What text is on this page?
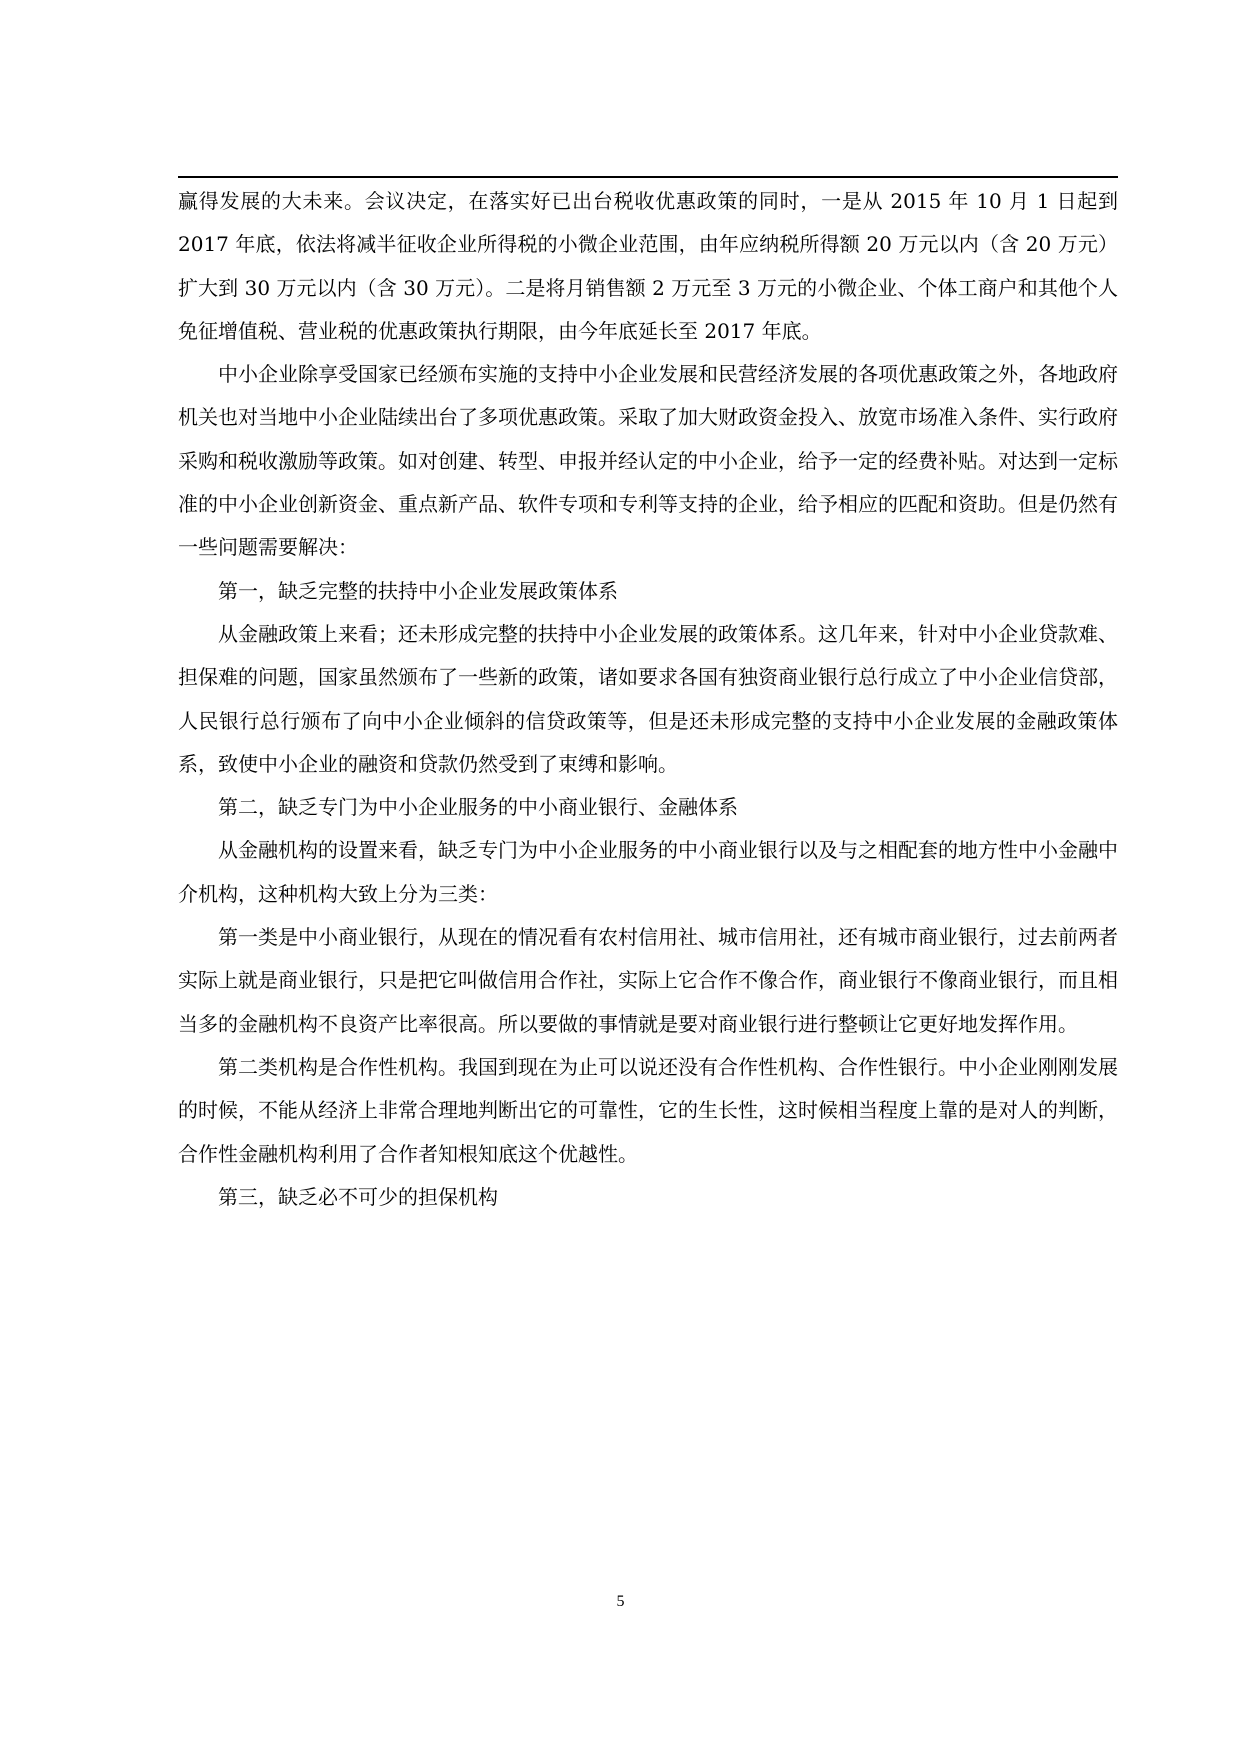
赢得发展的大未来。会议决定，在落实好已出台税收优惠政策的同时，一是从 2015 年 10 月 1 日起到 2017 年底，依法将减半征收企业所得税的小微企业范围，由年应纳税所得额 20 万元以内（含 20 万元）扩大到 30 万元以内（含 30 万元）。二是将月销售额 2 万元至 3 万元的小微企业、个体工商户和其他个人免征增值税、营业税的优惠政策执行期限，由今年底延长至 2017 年底。

中小企业除享受国家已经颁布实施的支持中小企业发展和民营经济发展的各项优惠政策之外，各地政府机关也对当地中小企业陆续出台了多项优惠政策。采取了加大财政资金投入、放宽市场准入条件、实行政府采购和税收激励等政策。如对创建、转型、申报并经认定的中小企业，给予一定的经费补贴。对达到一定标准的中小企业创新资金、重点新产品、软件专项和专利等支持的企业，给予相应的匹配和资助。但是仍然有一些问题需要解决：

第一，缺乏完整的扶持中小企业发展政策体系

从金融政策上来看；还未形成完整的扶持中小企业发展的政策体系。这几年来，针对中小企业贷款难、担保难的问题，国家虽然颁布了一些新的政策，诸如要求各国有独资商业银行总行成立了中小企业信贷部，人民银行总行颁布了向中小企业倾斜的信贷政策等，但是还未形成完整的支持中小企业发展的金融政策体系，致使中小企业的融资和贷款仍然受到了束缚和影响。

第二，缺乏专门为中小企业服务的中小商业银行、金融体系

从金融机构的设置来看，缺乏专门为中小企业服务的中小商业银行以及与之相配套的地方性中小金融中介机构，这种机构大致上分为三类：

第一类是中小商业银行，从现在的情况看有农村信用社、城市信用社，还有城市商业银行，过去前两者实际上就是商业银行，只是把它叫做信用合作社，实际上它合作不像合作，商业银行不像商业银行，而且相当多的金融机构不良资产比率很高。所以要做的事情就是要对商业银行进行整顿让它更好地发挥作用。

第二类机构是合作性机构。我国到现在为止可以说还没有合作性机构、合作性银行。中小企业刚刚发展的时候，不能从经济上非常合理地判断出它的可靠性，它的生长性，这时候相当程度上靠的是对人的判断，合作性金融机构利用了合作者知根知底这个优越性。

第三，缺乏必不可少的担保机构

5
